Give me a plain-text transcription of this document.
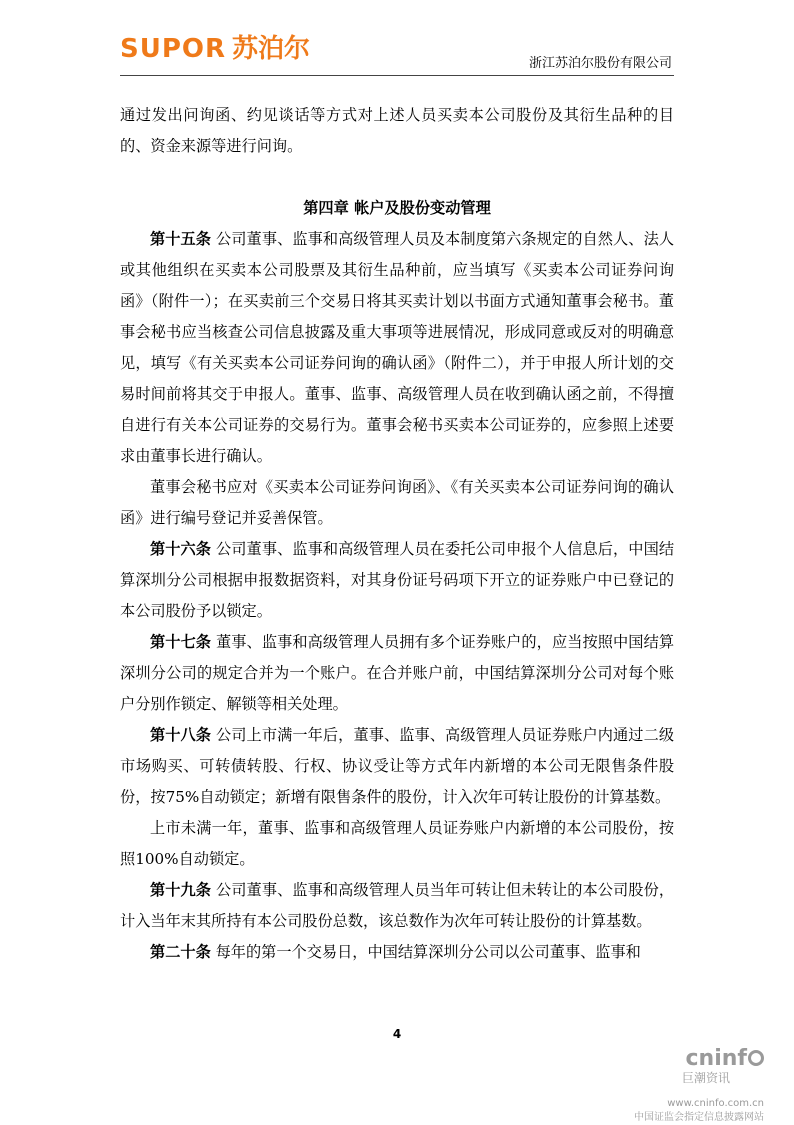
SUPOR 苏泊尔	浙江苏泊尔股份有限公司

通过发出问询函、约见谈话等方式对上述人员买卖本公司股份及其衍生品种的目的、资金来源等进行问询。

第四章 帐户及股份变动管理

第十五条 公司董事、监事和高级管理人员及本制度第六条规定的自然人、法人或其他组织在买卖本公司股票及其衍生品种前，应当填写《买卖本公司证券问询函》（附件一）；在买卖前三个交易日将其买卖计划以书面方式通知董事会秘书。董事会秘书应当核查公司信息披露及重大事项等进展情况，形成同意或反对的明确意见，填写《有关买卖本公司证券问询的确认函》（附件二），并于申报人所计划的交易时间前将其交于申报人。董事、监事、高级管理人员在收到确认函之前，不得擅自进行有关本公司证券的交易行为。董事会秘书买卖本公司证券的，应参照上述要求由董事长进行确认。

董事会秘书应对《买卖本公司证券问询函》、《有关买卖本公司证券问询的确认函》进行编号登记并妥善保管。

第十六条 公司董事、监事和高级管理人员在委托公司申报个人信息后，中国结算深圳分公司根据申报数据资料，对其身份证号码项下开立的证券账户中已登记的本公司股份予以锁定。

第十七条 董事、监事和高级管理人员拥有多个证券账户的，应当按照中国结算深圳分公司的规定合并为一个账户。在合并账户前，中国结算深圳分公司对每个账户分别作锁定、解锁等相关处理。

第十八条 公司上市满一年后，董事、监事、高级管理人员证券账户内通过二级市场购买、可转债转股、行权、协议受让等方式年内新增的本公司无限售条件股份，按75%自动锁定；新增有限售条件的股份，计入次年可转让股份的计算基数。

上市未满一年，董事、监事和高级管理人员证券账户内新增的本公司股份，按照100%自动锁定。

第十九条 公司董事、监事和高级管理人员当年可转让但未转让的本公司股份，计入当年末其所持有本公司股份总数，该总数作为次年可转让股份的计算基数。

第二十条 每年的第一个交易日，中国结算深圳分公司以公司董事、监事和

4
cninf
巨潮资讯
www.cninfo.com.cn
中国证监会指定信息披露网站
